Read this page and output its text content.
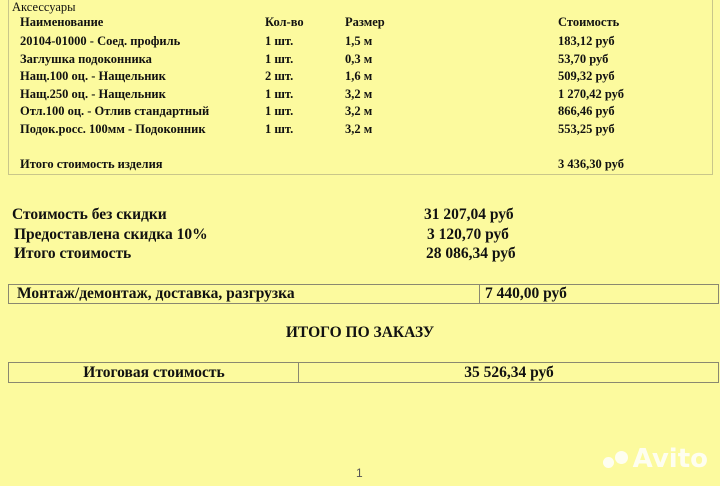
Аксессуары
Наименование	Кол-во	Размер	Стоимость
20104-01000 - Соед. профиль	1 шт.	1,5 м	183,12 руб
Заглушка подоконника	1 шт.	0,3 м	53,70 руб
Нащ.100 оц. - Нащельник	2 шт.	1,6 м	509,32 руб
Нащ.250 оц. - Нащельник	1 шт.	3,2 м	1 270,42 руб
Отл.100 оц. - Отлив стандартный	1 шт.	3,2 м	866,46 руб
Подок.росс. 100мм - Подоконник	1 шт.	3,2 м	553,25 руб
Итого стоимость изделия	3 436,30 руб
Стоимость без скидки	31 207,04 руб
Предоставлена скидка 10%	3 120,70 руб
Итого стоимость	28 086,34 руб
Монтаж/демонтаж, доставка, разгрузка	7 440,00 руб
ИТОГО ПО ЗАКАЗУ
Итоговая стоимость	35 526,34 руб
1	Avito
